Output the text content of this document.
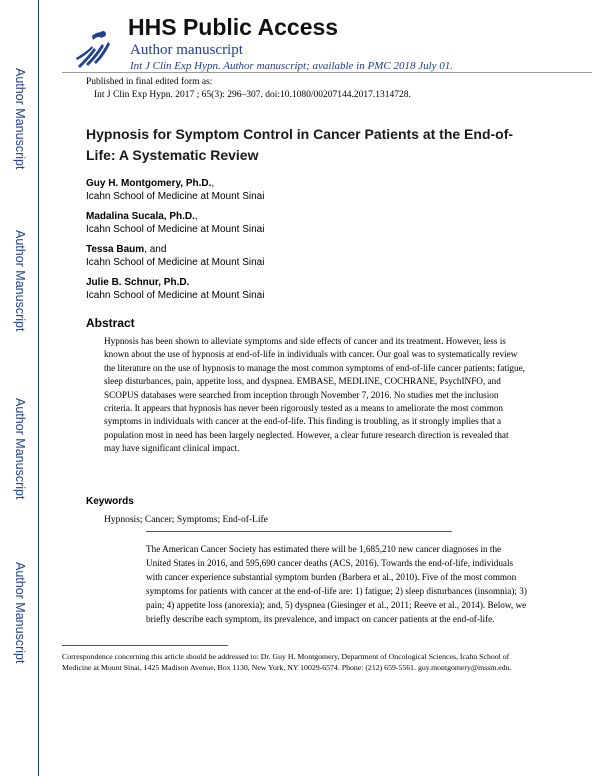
Author Manuscript
Author Manuscript
Author Manuscript
Author Manuscript
HHS Public Access
Author manuscript
Int J Clin Exp Hypn. Author manuscript; available in PMC 2018 July 01.
Published in final edited form as:
Int J Clin Exp Hypn. 2017 ; 65(3): 296–307. doi:10.1080/00207144.2017.1314728.
Hypnosis for Symptom Control in Cancer Patients at the End-of-Life: A Systematic Review
Guy H. Montgomery, Ph.D.,
Icahn School of Medicine at Mount Sinai
Madalina Sucala, Ph.D.,
Icahn School of Medicine at Mount Sinai
Tessa Baum, and
Icahn School of Medicine at Mount Sinai
Julie B. Schnur, Ph.D.
Icahn School of Medicine at Mount Sinai
Abstract
Hypnosis has been shown to alleviate symptoms and side effects of cancer and its treatment. However, less is known about the use of hypnosis at end-of-life in individuals with cancer. Our goal was to systematically review the literature on the use of hypnosis to manage the most common symptoms of end-of-life cancer patients: fatigue, sleep disturbances, pain, appetite loss, and dyspnea. EMBASE, MEDLINE, COCHRANE, PsychINFO, and SCOPUS databases were searched from inception through November 7, 2016. No studies met the inclusion criteria. It appears that hypnosis has never been rigorously tested as a means to ameliorate the most common symptoms in individuals with cancer at the end-of-life. This finding is troubling, as it strongly implies that a population most in need has been largely neglected. However, a clear future research direction is revealed that may have significant clinical impact.
Keywords
Hypnosis; Cancer; Symptoms; End-of-Life
The American Cancer Society has estimated there will be 1,685,210 new cancer diagnoses in the United States in 2016, and 595,690 cancer deaths (ACS, 2016). Towards the end-of-life, individuals with cancer experience substantial symptom burden (Barbera et al., 2010). Five of the most common symptoms for patients with cancer at the end-of-life are: 1) fatigue; 2) sleep disturbances (insomnia); 3) pain; 4) appetite loss (anorexia); and, 5) dyspnea (Giesinger et al., 2011; Reeve et al., 2014). Below, we briefly describe each symptom, its prevalence, and impact on cancer patients at the end-of-life.
Correspondence concerning this article should be addressed to: Dr. Guy H. Montgomery, Department of Oncological Sciences, Icahn School of Medicine at Mount Sinai, 1425 Madison Avenue, Box 1130, New York, NY 10029-6574. Phone: (212) 659-5561. guy.montgomery@mssm.edu.
